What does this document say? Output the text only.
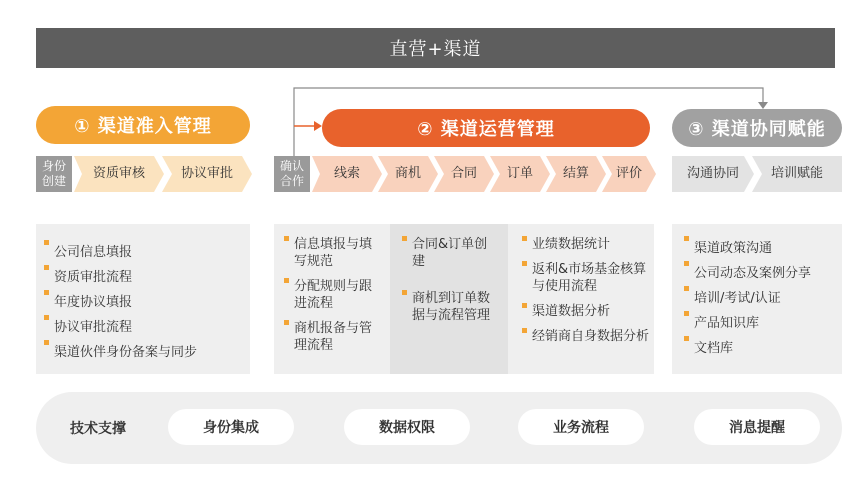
直营+渠道
① 渠道准入管理	② 渠道运营管理	③ 渠道协同赋能
身份创建	资质审核	协议审批	确认合作	线索	商机	合同	订单	结算	评价	沟通协同	培训赋能
公司信息填报
资质审批流程
年度协议填报
协议审批流程
渠道伙伴身份备案与同步
信息填报与填写规范
分配规则与跟进流程
商机报备与管理流程
合同&订单创建
商机到订单数据与流程管理
业绩数据统计
返利&市场基金核算与使用流程
渠道数据分析
经销商自身数据分析
渠道政策沟通
公司动态及案例分享
培训/考试/认证
产品知识库
文档库
技术支撑	身份集成	数据权限	业务流程	消息提醒
